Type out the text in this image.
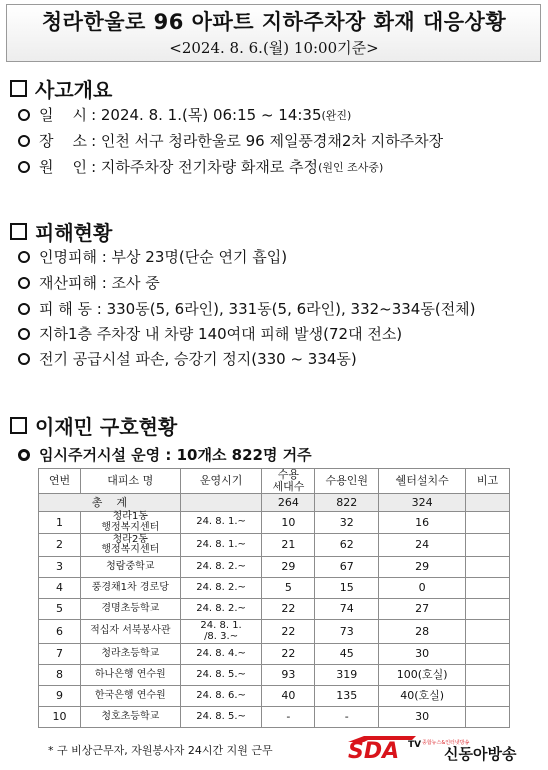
청라한울로 96 아파트 지하주차장 화재 대응상황
<2024. 8. 6.(월) 10:00기준>
사고개요
일    시 : 2024. 8. 1.(목) 06:15 ~ 14:35 (완진)
장    소 : 인천 서구 청라한울로 96 제일풍경채2차 지하주차장
원    인 : 지하주차장 전기차량 화재로 추정 (원인 조사중)
피해현황
인명피해 : 부상 23명(단순 연기 흡입)
재산피해 : 조사 중
피 해 동 : 330동(5, 6라인), 331동(5, 6라인), 332~334동(전체)
지하1층 주차장 내 차량 140여대 피해 발생(72대 전소)
전기 공급시설 파손, 승강기 정지(330 ~ 334동)
이재민 구호현황
임시주거시설 운영 : 10개소 822명 거주
연번	대피소 명	운영시기	수용
세대수	수용인원	쉘터설치수	비고
총    계			264	822	324	
1	청라1동
행정복지센터	24. 8. 1.~	10	32	16	
2	청라2동
행정복지센터	24. 8. 1.~	21	62	24	
3	청람중학교	24. 8. 2.~	29	67	29	
4	풍경채1차 경로당	24. 8. 2.~	5	15	0	
5	경명초등학교	24. 8. 2.~	22	74	27	
6	적십자 서북봉사관	24. 8. 1.
/8. 3.~	22	73	28	
7	청라초등학교	24. 8. 4.~	22	45	30	
8	하나은행 연수원	24. 8. 5.~	93	319	100(호실)	
9	한국은행 연수원	24. 8. 6.~	40	135	40(호실)	
10	청호초등학교	24. 8. 5.~	-	-	30	
* 구 비상근무자, 자원봉사자 24시간 지원 근무	SDA TV 종합뉴스&인터넷방송
신동아방송
